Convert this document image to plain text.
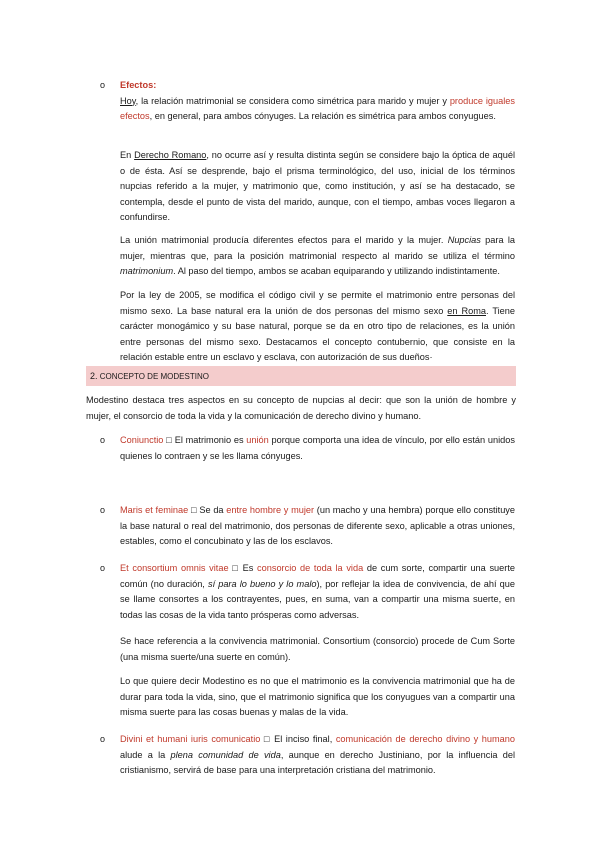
o Efectos:

Hoy, la relación matrimonial se considera como simétrica para marido y mujer y produce iguales efectos, en general, para ambos cónyuges. La relación es simétrica para ambos conyugues.

En Derecho Romano, no ocurre así y resulta distinta según se considere bajo la óptica de aquél o de ésta. Así se desprende, bajo el prisma terminológico, del uso, inicial de los términos nupcias referido a la mujer, y matrimonio que, como institución, y así se ha destacado, se contempla, desde el punto de vista del marido, aunque, con el tiempo, ambas voces llegaron a confundirse.

La unión matrimonial producía diferentes efectos para el marido y la mujer. Nupcias para la mujer, mientras que, para la posición matrimonial respecto al marido se utiliza el término matrimonium. Al paso del tiempo, ambos se acaban equiparando y utilizando indistintamente.

Por la ley de 2005, se modifica el código civil y se permite el matrimonio entre personas del mismo sexo. La base natural era la unión de dos personas del mismo sexo en Roma. Tiene carácter monogámico y su base natural, porque se da en otro tipo de relaciones, es la unión entre personas del mismo sexo. Destacamos el concepto contubernio, que consiste en la relación estable entre un esclavo y esclava, con autorización de sus dueños·

2. CONCEPTO DE MODESTINO

Modestino destaca tres aspectos en su concepto de nupcias al decir: que son la unión de hombre y mujer, el consorcio de toda la vida y la comunicación de derecho divino y humano.

o Coniunctio □ El matrimonio es unión porque comporta una idea de vínculo, por ello están unidos quienes lo contraen y se les llama cónyuges.

o Maris et feminae □ Se da entre hombre y mujer (un macho y una hembra) porque ello constituye la base natural o real del matrimonio, dos personas de diferente sexo, aplicable a otras uniones, estables, como el concubinato y las de los esclavos.

o Et consortium omnis vitae □ Es consorcio de toda la vida de cum sorte, compartir una suerte común (no duración, sí para lo bueno y lo malo), por reflejar la idea de convivencia, de ahí que se llame consortes a los contrayentes, pues, en suma, van a compartir una misma suerte, en todas las cosas de la vida tanto prósperas como adversas.

Se hace referencia a la convivencia matrimonial. Consortium (consorcio) procede de Cum Sorte (una misma suerte/una suerte en común).

Lo que quiere decir Modestino es no que el matrimonio es la convivencia matrimonial que ha de durar para toda la vida, sino, que el matrimonio significa que los conyugues van a compartir una misma suerte para las cosas buenas y malas de la vida.

o Divini et humani iuris comunicatio □ El inciso final, comunicación de derecho divino y humano alude a la plena comunidad de vida, aunque en derecho Justiniano, por la influencia del cristianismo, servirá de base para una interpretación cristiana del matrimonio.
